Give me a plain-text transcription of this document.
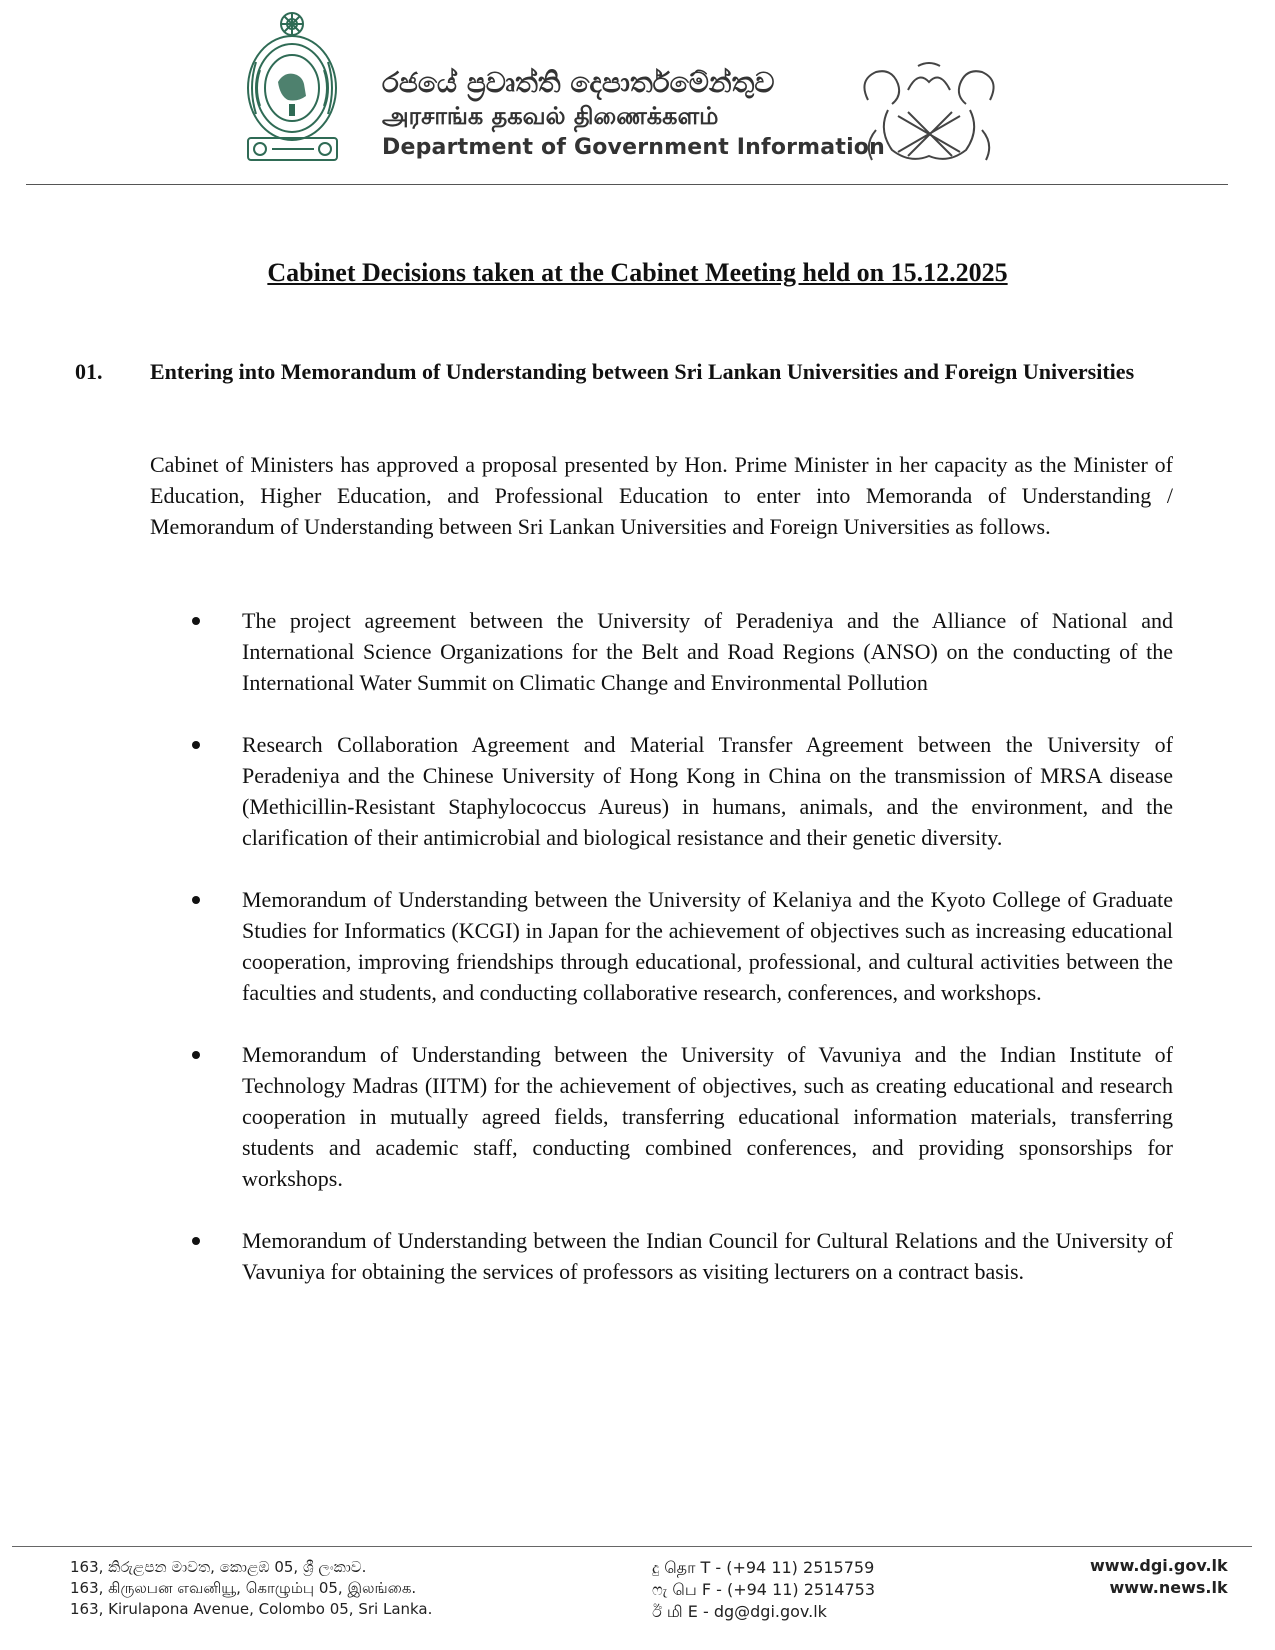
රජයේ ප්‍රවෘත්ති දෙපාර්තමේන්තුව
அரசாங்க தகவல் திணைக்களம்
Department of Government Information
Cabinet Decisions taken at the Cabinet Meeting held on 15.12.2025
01. Entering into Memorandum of Understanding between Sri Lankan Universities and Foreign Universities

Cabinet of Ministers has approved a proposal presented by Hon. Prime Minister in her capacity as the Minister of Education, Higher Education, and Professional Education to enter into Memoranda of Understanding / Memorandum of Understanding between Sri Lankan Universities and Foreign Universities as follows.

The project agreement between the University of Peradeniya and the Alliance of National and International Science Organizations for the Belt and Road Regions (ANSO) on the conducting of the International Water Summit on Climatic Change and Environmental Pollution
Research Collaboration Agreement and Material Transfer Agreement between the University of Peradeniya and the Chinese University of Hong Kong in China on the transmission of MRSA disease (Methicillin-Resistant Staphylococcus Aureus) in humans, animals, and the environment, and the clarification of their antimicrobial and biological resistance and their genetic diversity.
Memorandum of Understanding between the University of Kelaniya and the Kyoto College of Graduate Studies for Informatics (KCGI) in Japan for the achievement of objectives such as increasing educational cooperation, improving friendships through educational, professional, and cultural activities between the faculties and students, and conducting collaborative research, conferences, and workshops.
Memorandum of Understanding between the University of Vavuniya and the Indian Institute of Technology Madras (IITM) for the achievement of objectives, such as creating educational and research cooperation in mutually agreed fields, transferring educational information materials, transferring students and academic staff, conducting combined conferences, and providing sponsorships for workshops.
Memorandum of Understanding between the Indian Council for Cultural Relations and the University of Vavuniya for obtaining the services of professors as visiting lecturers on a contract basis.
163, කිරුළපන මාවත, කොළඹ 05, ශ්‍රී ලංකාව.
163, கிருலபன எவனியூ, கொழும்பு 05, இலங்கை.
163, Kirulapona Avenue, Colombo 05, Sri Lanka.
දු தொ T - (+94 11) 2515759
ෆැ பெ F - (+94 11) 2514753
ඊ மி E - dg@dgi.gov.lk
www.dgi.gov.lk
www.news.lk
